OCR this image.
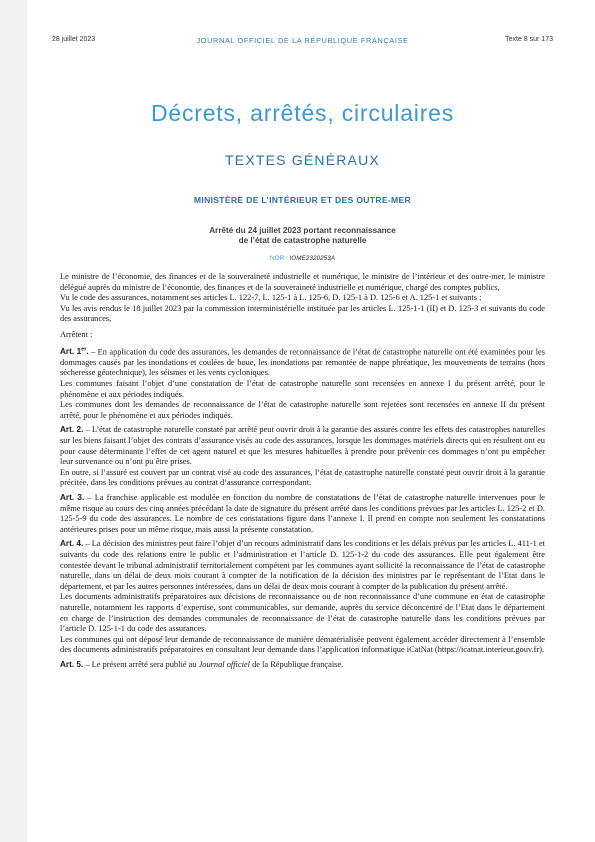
28 juillet 2023	JOURNAL OFFICIEL DE LA RÉPUBLIQUE FRANÇAISE	Texte 8 sur 173
Décrets, arrêtés, circulaires
TEXTES GÉNÉRAUX
MINISTÈRE DE L’INTÉRIEUR ET DES OUTRE-MER
Arrêté du 24 juillet 2023 portant reconnaissance
de l’état de catastrophe naturelle
NOR : IOME2320253A

Le ministre de l’économie, des finances et de la souveraineté industrielle et numérique, le ministre de l’intérieur et des outre-mer, le ministre délégué auprès du ministre de l’économie, des finances et de la souveraineté industrielle et numérique, chargé des comptes publics,

Vu le code des assurances, notamment ses articles L. 122-7, L. 125-1 à L. 125-6, D. 125-1 à D. 125-6 et A. 125-1 et suivants ;

Vu les avis rendus le 18 juillet 2023 par la commission interministérielle instituée par les articles L. 125-1-1 (II) et D. 125-3 et suivants du code des assurances,

Arrêtent :

Art. 1er. – En application du code des assurances, les demandes de reconnaissance de l’état de catastrophe naturelle ont été examinées pour les dommages causés par les inondations et coulées de boue, les inondations par remontée de nappe phréatique, les mouvements de terrains (hors sécheresse géotechnique), les séismes et les vents cycloniques.

Les communes faisant l’objet d’une constatation de l’état de catastrophe naturelle sont recensées en annexe I du présent arrêté, pour le phénomène et aux périodes indiqués.

Les communes dont les demandes de reconnaissance de l’état de catastrophe naturelle sont rejetées sont recensées en annexe II du présent arrêté, pour le phénomène et aux périodes indiqués.

Art. 2. – L’état de catastrophe naturelle constaté par arrêté peut ouvrir droit à la garantie des assurés contre les effets des catastrophes naturelles sur les biens faisant l’objet des contrats d’assurance visés au code des assurances, lorsque les dommages matériels directs qui en résultent ont eu pour cause déterminante l’effet de cet agent naturel et que les mesures habituelles à prendre pour prévenir ces dommages n’ont pu empêcher leur survenance ou n’ont pu être prises.

En outre, si l’assuré est couvert par un contrat visé au code des assurances, l’état de catastrophe naturelle constaté peut ouvrir droit à la garantie précitée, dans les conditions prévues au contrat d’assurance correspondant.

Art. 3. – La franchise applicable est modulée en fonction du nombre de constatations de l’état de catastrophe naturelle intervenues pour le même risque au cours des cinq années précédant la date de signature du présent arrêté dans les conditions prévues par les articles L. 125-2 et D. 125-5-9 du code des assurances. Le nombre de ces constatations figure dans l’annexe I. Il prend en compte non seulement les constatations antérieures prises pour un même risque, mais aussi la présente constatation.

Art. 4. – La décision des ministres peut faire l’objet d’un recours administratif dans les conditions et les délais prévus par les articles L. 411-1 et suivants du code des relations entre le public et l’administration et l’article D. 125-1-2 du code des assurances. Elle peut également être contestée devant le tribunal administratif territorialement compétent par les communes ayant sollicité la reconnaissance de l’état de catastrophe naturelle, dans un délai de deux mois courant à compter de la notification de la décision des ministres par le représentant de l’Etat dans le département, et par les autres personnes intéressées, dans un délai de deux mois courant à compter de la publication du présent arrêté.

Les documents administratifs préparatoires aux décisions de reconnaissance ou de non reconnaissance d’une commune en état de catastrophe naturelle, notamment les rapports d’expertise, sont communicables, sur demande, auprès du service déconcentré de l’Etat dans le département en charge de l’instruction des demandes communales de reconnaissance de l’état de catastrophe naturelle dans les conditions prévues par l’article D. 125-1-1 du code des assurances.

Les communes qui ont déposé leur demande de reconnaissance de manière dématérialisée peuvent également accéder directement à l’ensemble des documents administratifs préparatoires en consultant leur demande dans l’application informatique iCatNat (https://icatnat.interieur.gouv.fr).

Art. 5. – Le présent arrêté sera publié au Journal officiel de la République française.
